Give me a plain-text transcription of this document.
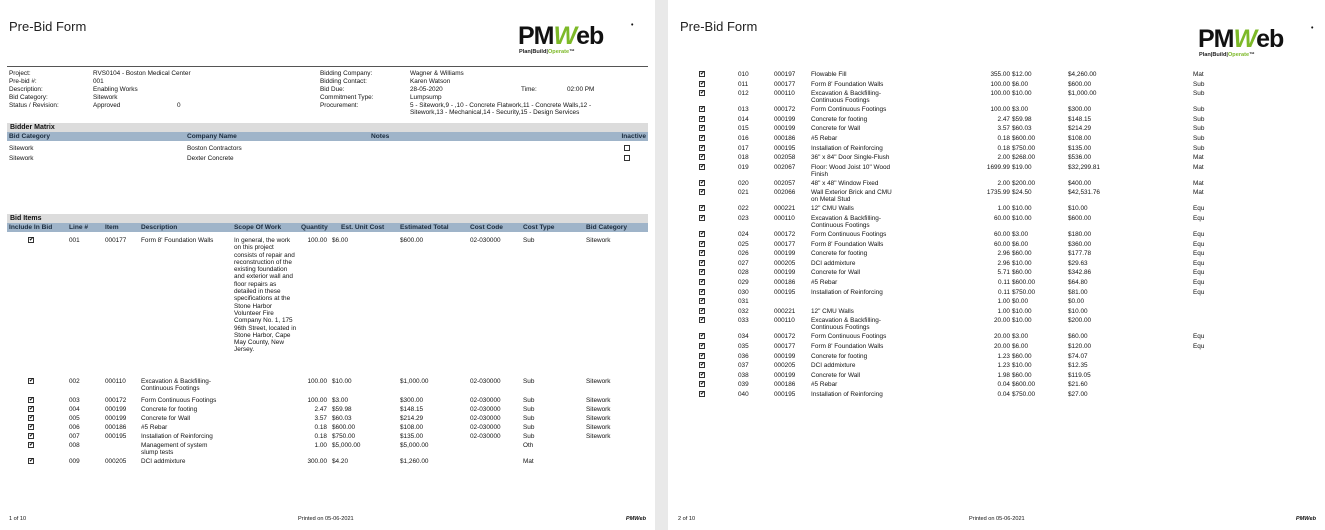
Pre-Bid Form	PMWeb	•
Plan|Build|Operate™
Project:	RVS0104 - Boston Medical Center
Pre-bid #:	001
Description:	Enabling Works
Bid Category:	Sitework
Status / Revision:	Approved	0
Bidding Company:	Wagner & Williams
Bidding Contact:	Karen Watson
Bid Due:	28-05-2020	Time:	02:00 PM
Commitment Type:	Lumpsump
Procurement:	5 - Sitework,9 - ,10 - Concrete Flatwork,11 - Concrete Walls,12 -
Sitework,13 - Mechanical,14 - Security,15 - Design Services
Bidder Matrix
Bid Category	Company Name	Notes	Inactive
Sitework	Boston Contractors
Sitework	Dexter Concrete
Bid Items
Include In Bid	Line #	Item	Description	Scope Of Work	Quantity Est. Unit Cost Estimated Total	Cost Code	Cost Type	Bid Category
✔	001	000177 Form 8' Foundation Walls	100.00 $6.00	$600.00	02-030000	Sub	Sitework
In general, the work on this project consists of repair and reconstruction of the existing foundation and exterior wall and floor repairs as detailed in these specifications at the Stone Harbor Volunteer Fire Company No. 1, 175 96th Street, located in Stone Harbor, Cape May County, New Jersey.
✔	002	000110 Excavation & Backfilling-
Continuous Footings
100.00 $10.00	$1,000.00	02-030000	Sub	Sitework
✔	003	000172 Form Continuous Footings	100.00 $3.00	$300.00	02-030000	Sub	Sitework
✔	004	000199 Concrete for footing	2.47 $59.98	$148.15	02-030000	Sub	Sitework
✔	005	000199 Concrete for Wall	3.57 $60.03	$214.29	02-030000	Sub	Sitework
✔	006	000186 #5 Rebar	0.18 $600.00	$108.00	02-030000	Sub	Sitework
✔	007	000195 Installation of Reinforcing	0.18 $750.00	$135.00	02-030000	Sub	Sitework
✔	008	Management of system
slump tests
1.00 $5,000.00	$5,000.00	Oth
✔	009	000205 DCI addmixture	300.00 $4.20	$1,260.00	Mat
1 of 10	Printed on 05-06-2021	PMWeb
Pre-Bid Form	PMWeb	•
Plan|Build|Operate™
✔	010	000197 Flowable Fill	355.00 $12.00	$4,260.00	Mat
✔	011	000177 Form 8' Foundation Walls	100.00 $6.00	$600.00	Sub
✔	012	000110	Excavation & Backfilling-
Continuous Footings
100.00 $10.00	$1,000.00	Sub
✔	013	000172 Form Continuous Footings	100.00 $3.00	$300.00	Sub
✔	014	000199 Concrete for footing	2.47 $59.98	$148.15	Sub
✔	015	000199 Concrete for Wall	3.57 $60.03	$214.29	Sub
✔	016	000186 #5 Rebar	0.18 $600.00	$108.00	Sub
✔	017	000195 Installation of Reinforcing	0.18 $750.00	$135.00	Sub
✔	018	002058 36" x 84" Door Single-Flush	2.00 $268.00	$536.00	Mat
✔	019	002067 Floor: Wood Joist 10" Wood
Finish
1699.99 $19.00	$32,299.81	Mat
✔	020	002057 48" x 48" Window Fixed	2.00 $200.00	$400.00	Mat
✔	021	002066 Wall Exterior Brick and CMU
on Metal Stud
1735.99 $24.50	$42,531.76	Mat
✔	022	000221 12" CMU Walls	1.00 $10.00	$10.00	Equ
✔	023	000110	Excavation & Backfilling-
Continuous Footings
60.00 $10.00	$600.00	Equ
✔	024	000172 Form Continuous Footings	60.00 $3.00	$180.00	Equ
✔	025	000177 Form 8' Foundation Walls	60.00 $6.00	$360.00	Equ
✔	026	000199 Concrete for footing	2.96 $60.00	$177.78	Equ
✔	027	000205 DCI addmixture	2.96 $10.00	$29.63	Equ
✔	028	000199 Concrete for Wall	5.71 $60.00	$342.86	Equ
✔	029	000186 #5 Rebar	0.11 $600.00	$64.80	Equ
✔	030	000195 Installation of Reinforcing	0.11 $750.00	$81.00	Equ
✔	031	1.00 $0.00	$0.00
✔	032	000221 12" CMU Walls	1.00 $10.00	$10.00
✔	033	000110	Excavation & Backfilling-
Continuous Footings
20.00 $10.00	$200.00
✔	034	000172 Form Continuous Footings	20.00 $3.00	$60.00	Equ
✔	035	000177 Form 8' Foundation Walls	20.00 $6.00	$120.00	Equ
✔	036	000199 Concrete for footing	1.23 $60.00	$74.07
✔	037	000205 DCI addmixture	1.23 $10.00	$12.35
✔	038	000199 Concrete for Wall	1.98 $60.00	$119.05
✔	039	000186 #5 Rebar	0.04 $600.00	$21.60
✔	040	000195 Installation of Reinforcing	0.04 $750.00	$27.00
2 of 10	Printed on 05-06-2021	PMWeb
